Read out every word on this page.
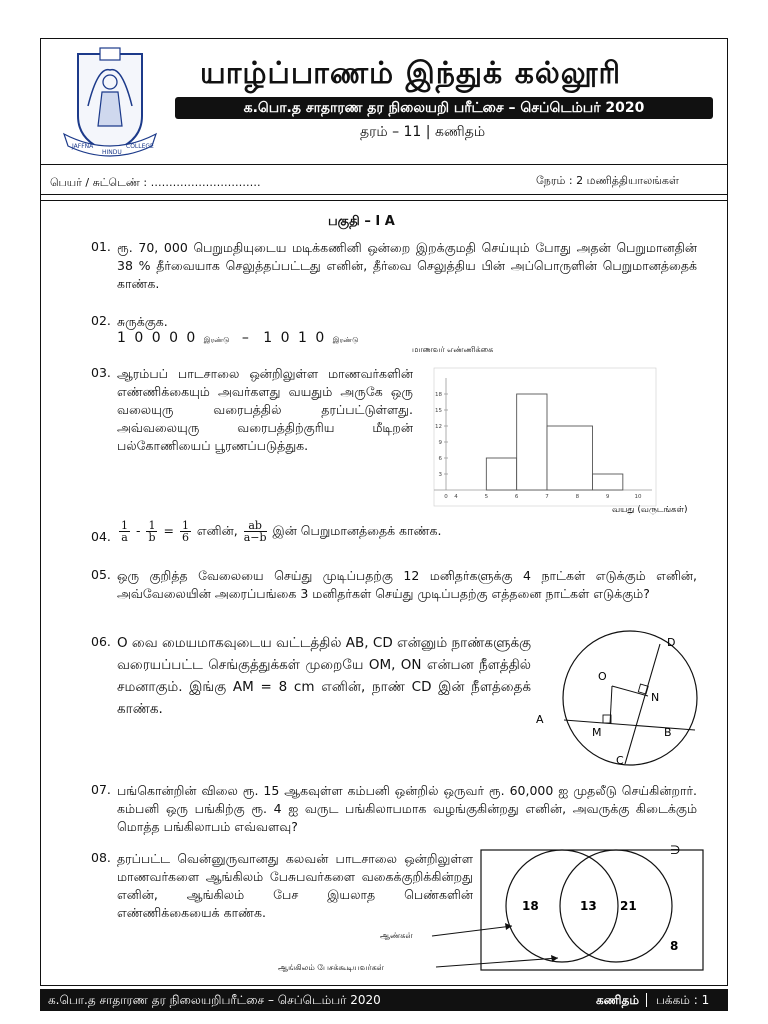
JAFFNA
HINDU
COLLEGE
யாழ்ப்பாணம் இந்துக் கல்லூரி
க.பொ.த சாதாரண தர நிலையறி பரீட்சை – செப்டெம்பர் 2020
தரம் – 11 | கணிதம்
பெயர் / சுட்டெண் : …………………………	நேரம் : 2 மணித்தியாலங்கள்
பகுதி – I A
01. ரூ. 70, 000 பெறுமதியுடைய மடிக்கணினி ஒன்றை இறக்குமதி செய்யும் போது அதன் பெறுமானதின் 38 % தீர்வையாக செலுத்தப்பட்டது எனின், தீர்வை செலுத்திய பின் அப்பொருளின் பெறுமானத்தைக் காண்க.
02. சுருக்குக.
1 0 0 0 0 இரண்டு – 1 0 1 0 இரண்டு
03. ஆரம்பப் பாடசாலை ஒன்றிலுள்ள மாணவர்களின் எண்ணிக்கையும் அவர்களது வயதும் அருகே ஒரு வலையுரு வரைபத்தில் தரப்பட்டுள்ளது. அவ்வலையுரு வரைபத்திற்குரிய மீடிறன் பல்கோணியைப் பூரணப்படுத்துக.
மாணவர் எண்ணிக்கை
வயது (வருடங்கள்)
3
6
9
12
15
18
0 4	5	6	7	8	9	10
04. $\frac{1}{a} - \frac{1}{b} = \frac{1}{6}$ எனின், $\frac{ab}{a-b}$ இன் பெறுமானத்தைக் காண்க.
05. ஒரு குறித்த வேலையை செய்து முடிப்பதற்கு 12 மனிதர்களுக்கு 4 நாட்கள் எடுக்கும் எனின், அவ்வேலையின் அரைப்பங்கை 3 மனிதர்கள் செய்து முடிப்பதற்கு எத்தனை நாட்கள் எடுக்கும்?
06. O வை மையமாகவுடைய வட்டத்தில் AB, CD என்னும் நாண்களுக்கு வரையப்பட்ட செங்குத்துக்கள் முறையே OM, ON என்பன நீளத்தில் சமனாகும். இங்கு AM = 8 cm எனின், நாண் CD இன் நீளத்தைக் காண்க.
O
D
N
A
M	B
C
07. பங்கொன்றின் விலை ரூ. 15 ஆகவுள்ள கம்பனி ஒன்றில் ஒருவர் ரூ. 60,000 ஐ முதலீடு செய்கின்றார். கம்பனி ஒரு பங்கிற்கு ரூ. 4 ஐ வருட பங்கிலாபமாக வழங்குகின்றது எனின், அவருக்கு கிடைக்கும் மொத்த பங்கிலாபம் எவ்வளவு?
08. தரப்பட்ட வென்னுருவானது கலவன் பாடசாலை ஒன்றிலுள்ள மாணவர்களை ஆங்கிலம் பேசுபவர்களை வகைக்குறிக்கின்றது எனின், ஆங்கிலம் பேச இயலாத பெண்களின் எண்ணிக்கையைக் காண்க.
∋
18	13 21
8
ஆண்கள்
ஆங்கிலம் பேசக்கூடியவர்கள்
க.பொ.த சாதாரண தர நிலையறிபரீட்சை – செப்டெம்பர் 2020	கணிதம் பக்கம் : 1
